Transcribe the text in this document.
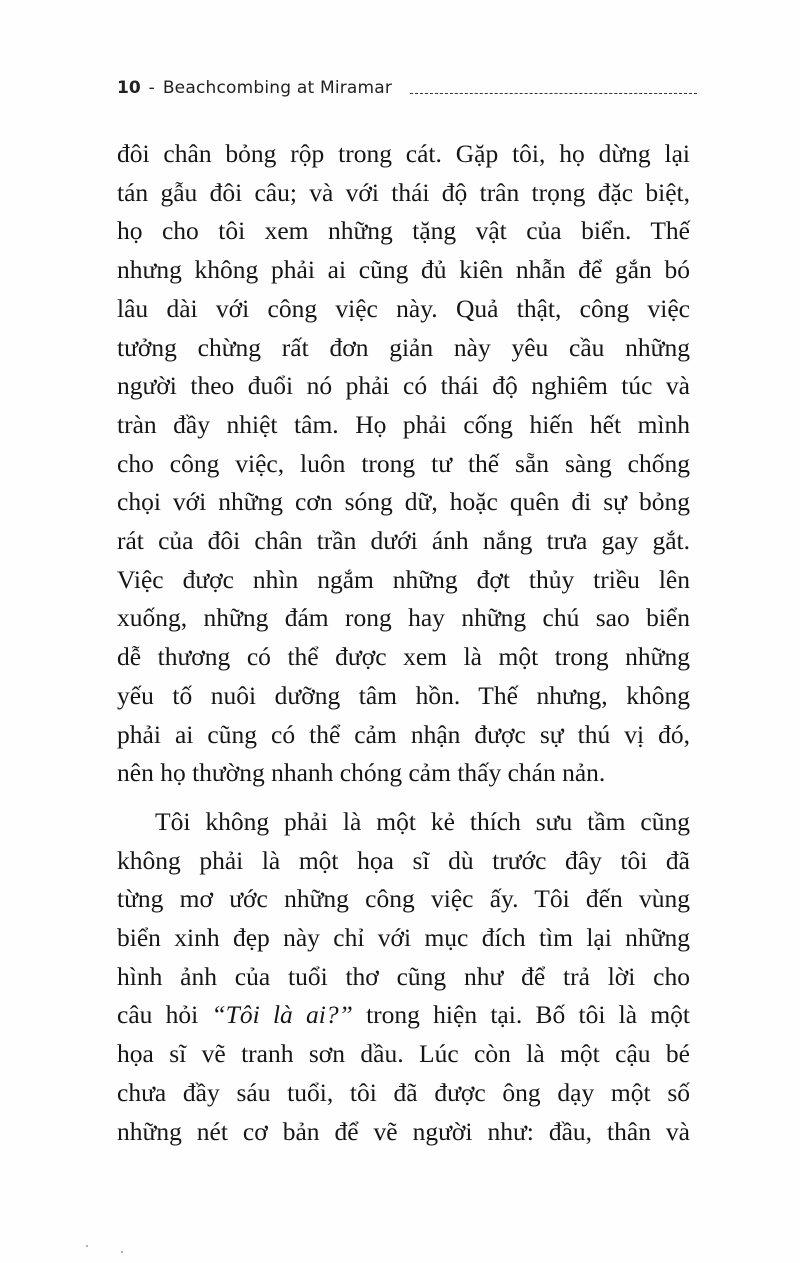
10 - Beachcombing at Miramar

đôi chân bỏng rộp trong cát. Gặp tôi, họ dừng lại
tán gẫu đôi câu; và với thái độ trân trọng đặc biệt,
họ cho tôi xem những tặng vật của biển. Thế
nhưng không phải ai cũng đủ kiên nhẫn để gắn bó
lâu dài với công việc này. Quả thật, công việc
tưởng chừng rất đơn giản này yêu cầu những
người theo đuổi nó phải có thái độ nghiêm túc và
tràn đầy nhiệt tâm. Họ phải cống hiến hết mình
cho công việc, luôn trong tư thế sẵn sàng chống
chọi với những cơn sóng dữ, hoặc quên đi sự bỏng
rát của đôi chân trần dưới ánh nắng trưa gay gắt.
Việc được nhìn ngắm những đợt thủy triều lên
xuống, những đám rong hay những chú sao biển
dễ thương có thể được xem là một trong những
yếu tố nuôi dưỡng tâm hồn. Thế nhưng, không
phải ai cũng có thể cảm nhận được sự thú vị đó,
nên họ thường nhanh chóng cảm thấy chán nản.

Tôi không phải là một kẻ thích sưu tầm cũng
không phải là một họa sĩ dù trước đây tôi đã
từng mơ ước những công việc ấy. Tôi đến vùng
biển xinh đẹp này chỉ với mục đích tìm lại những
hình ảnh của tuổi thơ cũng như để trả lời cho
câu hỏi “Tôi là ai?” trong hiện tại. Bố tôi là một
họa sĩ vẽ tranh sơn dầu. Lúc còn là một cậu bé
chưa đầy sáu tuổi, tôi đã được ông dạy một số
những nét cơ bản để vẽ người như: đầu, thân và
